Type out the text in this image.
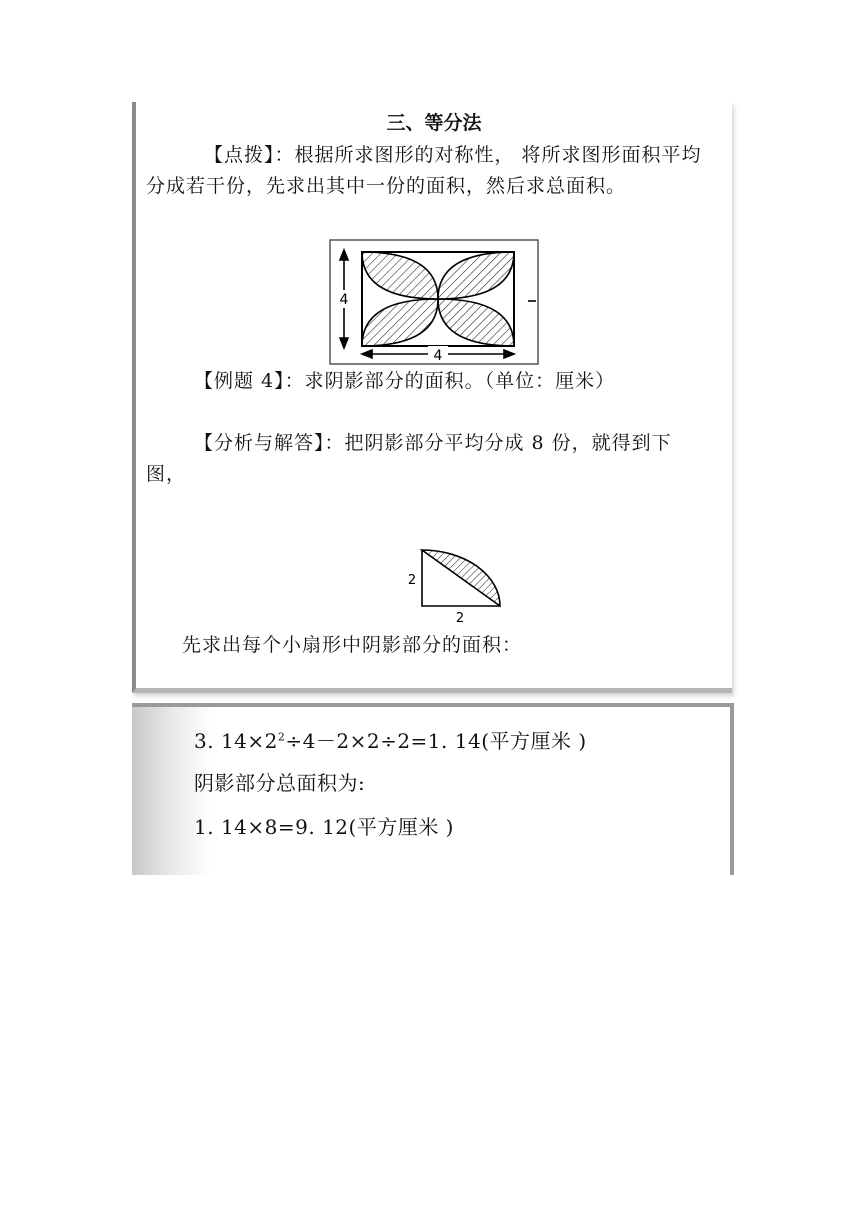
三、等分法
【点拨】：根据所求图形的对称性， 将所求图形面积平均分成若干份，先求出其中一份的面积，然后求总面积。
4
4
【例题 4】：求阴影部分的面积。（单位：厘米）
【分析与解答】：把阴影部分平均分成 8 份，就得到下图，
2
2
先求出每个小扇形中阴影部分的面积：
3. $14\times 2^2\div 4-2\times 2\div 2=1$. 14(平方厘米 )
阴影部分总面积为:
1. 14×8=9. 12(平方厘米 )
